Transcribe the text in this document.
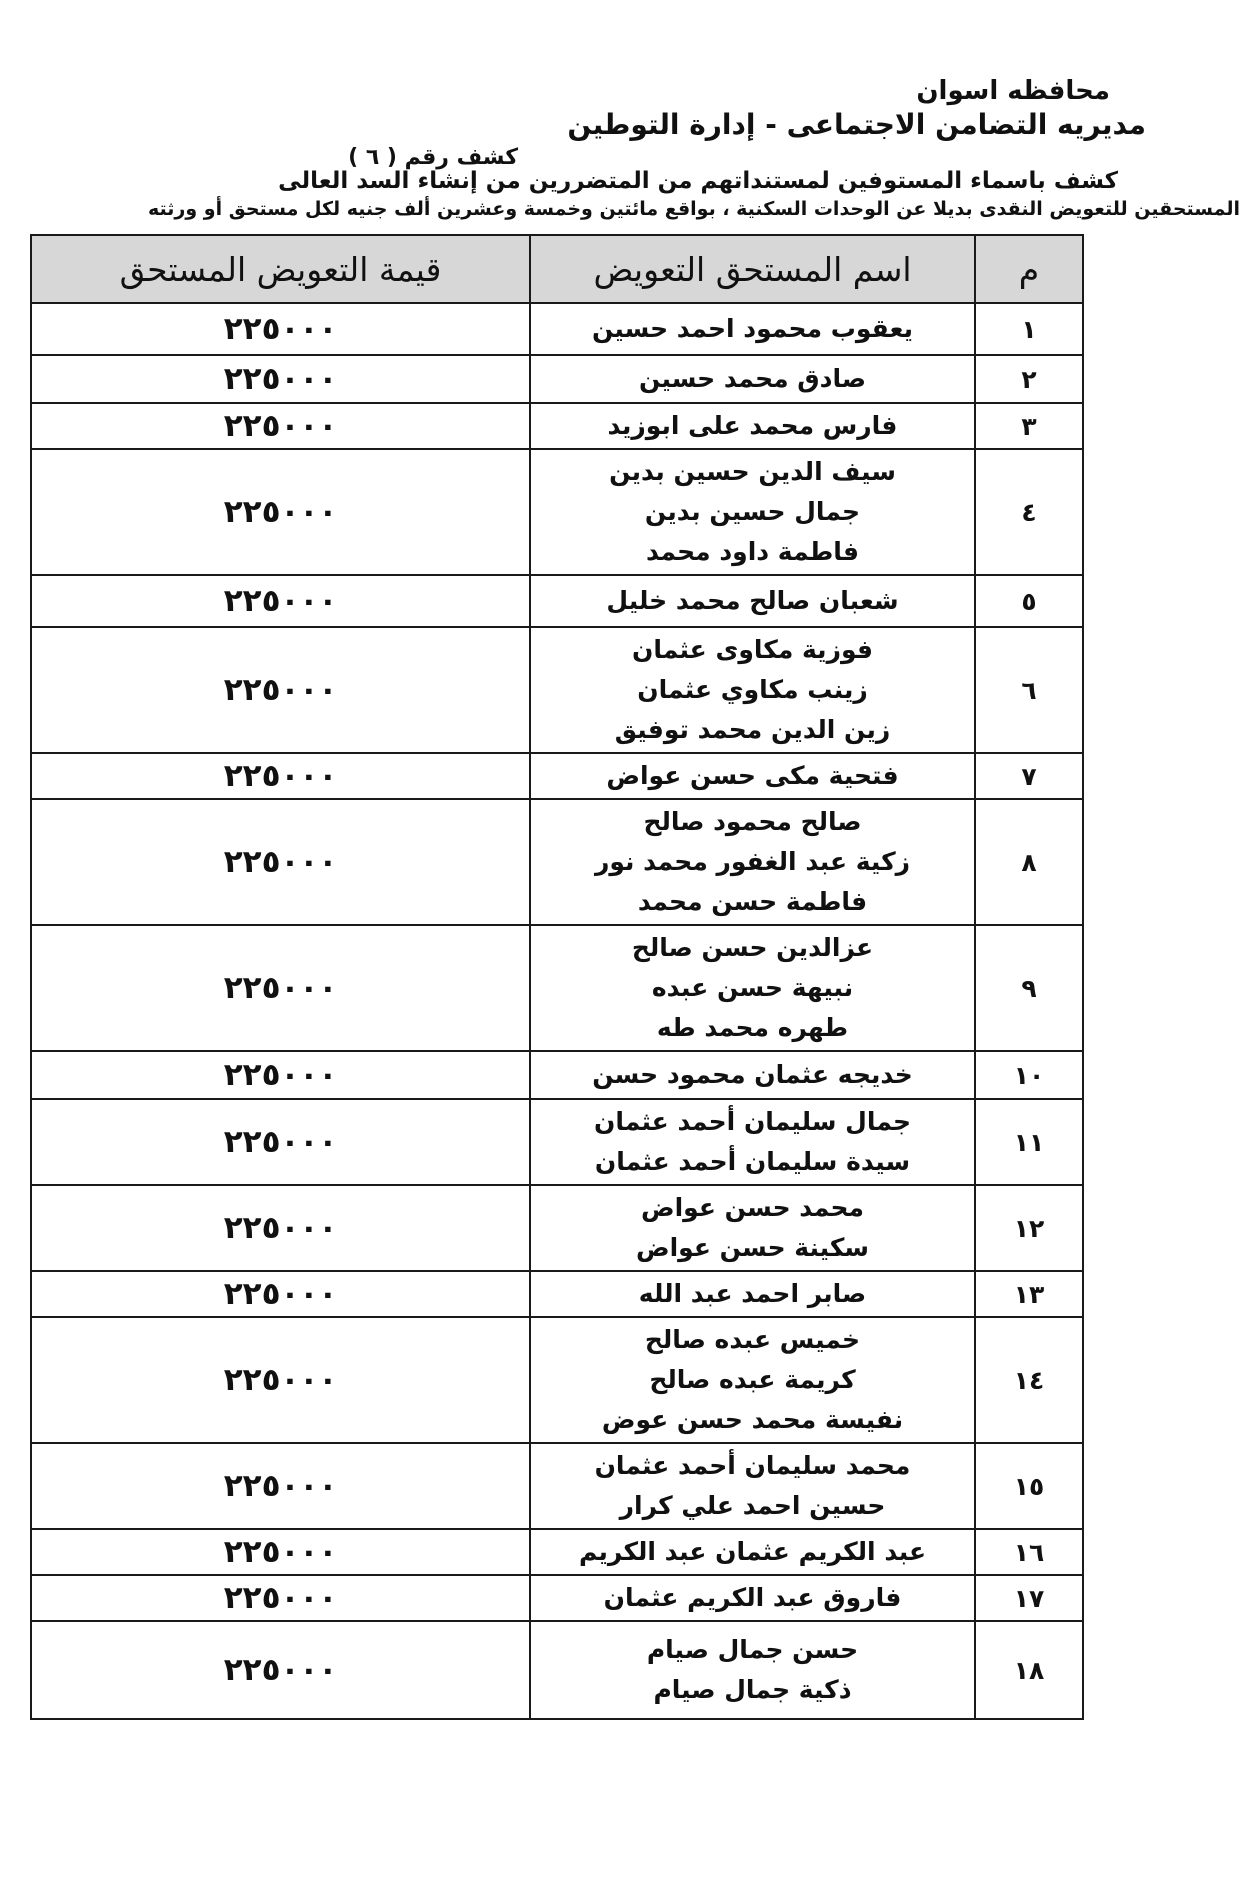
محافظه اسوان
مديريه التضامن الاجتماعى - إدارة التوطين
كشف رقم ( ٦ )
كشف باسماء المستوفين لمستنداتهم من المتضررين من إنشاء السد العالى
المستحقين للتعويض النقدى بديلا عن الوحدات السكنية ، بواقع مائتين وخمسة وعشرين ألف جنيه لكل مستحق أو ورثته
م	اسم المستحق التعويض	قيمة التعويض المستحق
١	يعقوب محمود احمد حسين	٢٢٥٠٠٠
٢	صادق محمد حسين	٢٢٥٠٠٠
٣	فارس محمد على ابوزيد	٢٢٥٠٠٠
٤	سيف الدين حسين بدين
جمال حسين بدين
فاطمة داود محمد	٢٢٥٠٠٠
٥	شعبان صالح محمد خليل	٢٢٥٠٠٠
٦	فوزية مكاوى عثمان
زينب مكاوي عثمان
زين الدين محمد توفيق	٢٢٥٠٠٠
٧	فتحية مكى حسن عواض	٢٢٥٠٠٠
٨	صالح محمود صالح
زكية عبد الغفور محمد نور
فاطمة حسن محمد	٢٢٥٠٠٠
٩	عزالدين حسن صالح
نبيهة حسن عبده
طهره محمد طه	٢٢٥٠٠٠
١٠	خديجه عثمان محمود حسن	٢٢٥٠٠٠
١١	جمال سليمان أحمد عثمان
سيدة سليمان أحمد عثمان	٢٢٥٠٠٠
١٢	محمد حسن عواض
سكينة حسن عواض	٢٢٥٠٠٠
١٣	صابر احمد عبد الله	٢٢٥٠٠٠
١٤	خميس عبده صالح
كريمة عبده صالح
نفيسة محمد حسن عوض	٢٢٥٠٠٠
١٥	محمد سليمان أحمد عثمان
حسين احمد علي كرار	٢٢٥٠٠٠
١٦	عبد الكريم عثمان عبد الكريم	٢٢٥٠٠٠
١٧	فاروق عبد الكريم عثمان	٢٢٥٠٠٠
١٨	حسن جمال صيام
ذكية جمال صيام	٢٢٥٠٠٠
